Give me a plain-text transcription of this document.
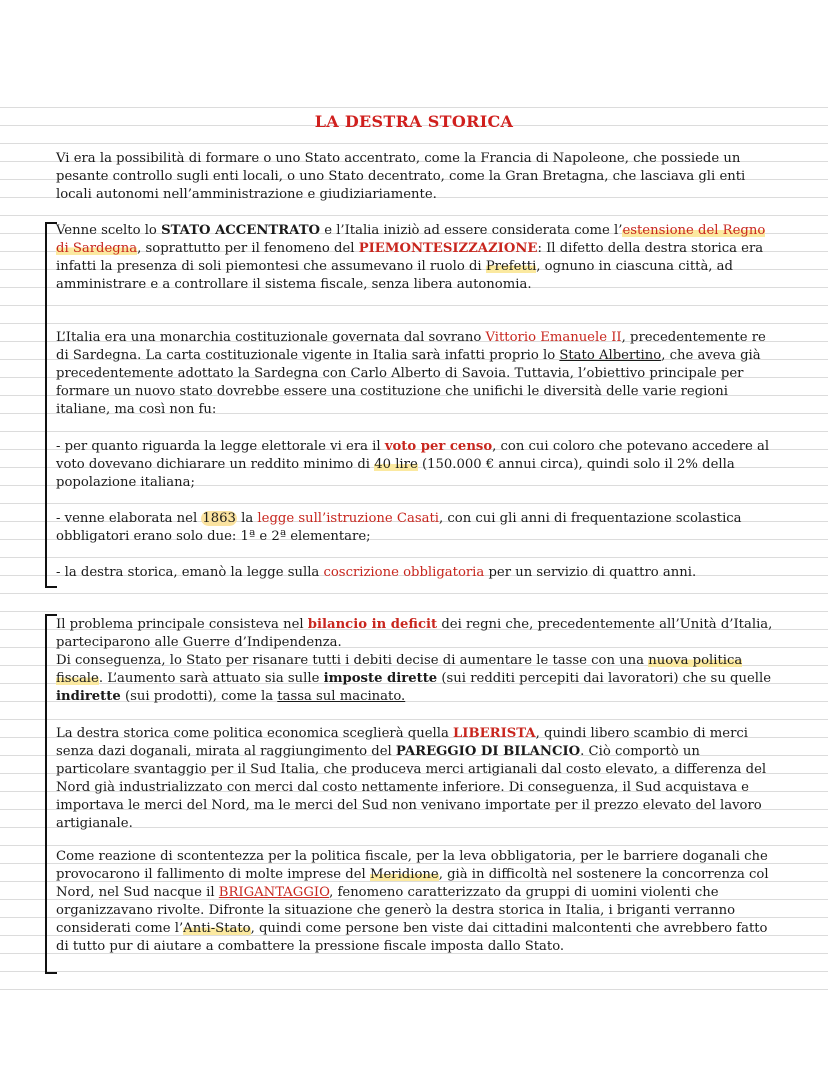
LA DESTRA STORICA
Vi era la possibilità di formare o uno Stato accentrato, come la Francia di Napoleone, che possiede un pesante controllo sugli enti locali, o uno Stato decentrato, come la Gran Bretagna, che lasciava gli enti locali autonomi nell’amministrazione e giudiziariamente.
Venne scelto lo STATO ACCENTRATO e l’Italia iniziò ad essere considerata come l’estensione del Regno di Sardegna, soprattutto per il fenomeno del PIEMONTESIZZAZIONE: Il difetto della destra storica era infatti la presenza di soli piemontesi che assumevano il ruolo di Prefetti, ognuno in ciascuna città, ad amministrare e a controllare il sistema fiscale, senza libera autonomia.
L’Italia era una monarchia costituzionale governata dal sovrano Vittorio Emanuele II, precedentemente re di Sardegna. La carta costituzionale vigente in Italia sarà infatti proprio lo Stato Albertino, che aveva già precedentemente adottato la Sardegna con Carlo Alberto di Savoia. Tuttavia, l’obiettivo principale per formare un nuovo stato dovrebbe essere una costituzione che unifichi le diversità delle varie regioni italiane, ma così non fu:
- per quanto riguarda la legge elettorale vi era il voto per censo, con cui coloro che potevano accedere al voto dovevano dichiarare un reddito minimo di 40 lire (150.000 € annui circa), quindi solo il 2% della popolazione italiana;
- venne elaborata nel 1863 la legge sull’istruzione Casati, con cui gli anni di frequentazione scolastica obbligatori erano solo due: 1ª e 2ª elementare;
- la destra storica, emanò la legge sulla coscrizione obbligatoria per un servizio di quattro anni.
Il problema principale consisteva nel bilancio in deficit dei regni che, precedentemente all’Unità d’Italia, parteciparono alle Guerre d’Indipendenza.
Di conseguenza, lo Stato per risanare tutti i debiti decise di aumentare le tasse con una nuova politica fiscale. L’aumento sarà attuato sia sulle imposte dirette (sui redditi percepiti dai lavoratori) che su quelle indirette (sui prodotti), come la tassa sul macinato.
La destra storica come politica economica sceglierà quella LIBERISTA, quindi libero scambio di merci senza dazi doganali, mirata al raggiungimento del PAREGGIO DI BILANCIO. Ciò comportò un particolare svantaggio per il Sud Italia, che produceva merci artigianali dal costo elevato, a differenza del Nord già industrializzato con merci dal costo nettamente inferiore. Di conseguenza, il Sud acquistava e importava le merci del Nord, ma le merci del Sud non venivano importate per il prezzo elevato del lavoro artigianale.
Come reazione di scontentezza per la politica fiscale, per la leva obbligatoria, per le barriere doganali che provocarono il fallimento di molte imprese del Meridione, già in difficoltà nel sostenere la concorrenza col Nord, nel Sud nacque il BRIGANTAGGIO, fenomeno caratterizzato da gruppi di uomini violenti che organizzavano rivolte. Difronte la situazione che generò la destra storica in Italia, i briganti verranno considerati come l’Anti-Stato, quindi come persone ben viste dai cittadini malcontenti che avrebbero fatto di tutto pur di aiutare a combattere la pressione fiscale imposta dallo Stato.
